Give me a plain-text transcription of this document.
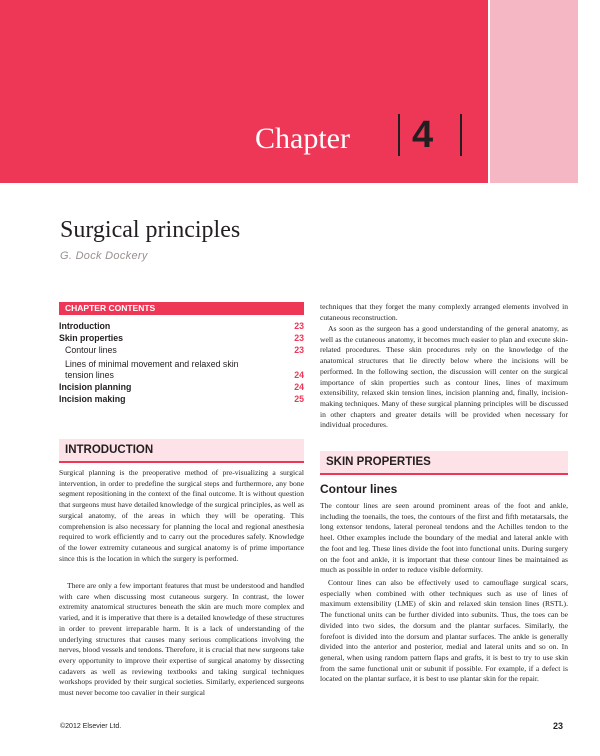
Chapter 4
Surgical principles
G. Dock Dockery
CHAPTER CONTENTS
Introduction	23
Skin properties	23
Contour lines	23
Lines of minimal movement and relaxed skin tension lines	24
Incision planning	24
Incision making	25
INTRODUCTION

Surgical planning is the preoperative method of pre-visualizing a surgical intervention, in order to predefine the surgical steps and furthermore, any bone segment repositioning in the context of the final outcome. It is without question that surgeons must have detailed knowledge of the surgical principles, as well as surgical anatomy, of the areas in which they will be operating. This comprehension is also necessary for planning the local and regional anesthesia required to work efficiently and to carry out the procedures safely. Knowledge of the lower extremity cutaneous and surgical anatomy is of prime importance since this is the location in which the surgery is performed.

There are only a few important features that must be understood and handled with care when discussing most cutaneous surgery. In contrast, the lower extremity anatomical structures beneath the skin are much more complex and varied, and it is imperative that there is a detailed knowledge of these structures in order to prevent irreparable harm. It is a lack of understanding of the underlying structures that causes many serious complications involving the nerves, blood vessels and tendons. Therefore, it is crucial that new surgeons take every opportunity to improve their expertise of surgical anatomy by dissecting cadavers as well as reviewing textbooks and taking surgical techniques workshops provided by their surgical societies. Similarly, experienced surgeons must never become too cavalier in their surgical

techniques that they forget the many complexly arranged elements involved in cutaneous reconstruction.

As soon as the surgeon has a good understanding of the general anatomy, as well as the cutaneous anatomy, it becomes much easier to plan and execute skin-related procedures. These skin procedures rely on the knowledge of the anatomical structures that lie directly below where the incisions will be performed. In the following section, the discussion will center on the surgical importance of skin properties such as contour lines, lines of maximum extensibility, relaxed skin tension lines, incision planning and, finally, incision-making techniques. Many of these surgical planning principles will be discussed in other chapters and greater details will be provided when necessary for individual procedures.

SKIN PROPERTIES
Contour lines

The contour lines are seen around prominent areas of the foot and ankle, including the toenails, the toes, the contours of the first and fifth metatarsals, the long extensor tendons, lateral peroneal tendons and the Achilles tendon to the heel. Other examples include the boundary of the medial and lateral ankle with the foot and leg. These lines divide the foot into functional units. During surgery on the foot and ankle, it is important that these contour lines be maintained as much as possible in order to reduce visible deformity.

Contour lines can also be effectively used to camouflage surgical scars, especially when combined with other techniques such as use of lines of maximum extensibility (LME) of skin and relaxed skin tension lines (RSTL). The functional units can be further divided into subunits. Thus, the toes can be divided into two sides, the dorsum and the plantar surfaces. Similarly, the forefoot is divided into the dorsum and plantar surfaces. The ankle is generally divided into the anterior and posterior, medial and lateral units and so on. In general, when using random pattern flaps and grafts, it is best to try to use skin from the same functional unit or subunit if possible. For example, if a defect is located on the plantar surface, it is best to use plantar skin for the repair.

©2012 Elsevier Ltd.	23
